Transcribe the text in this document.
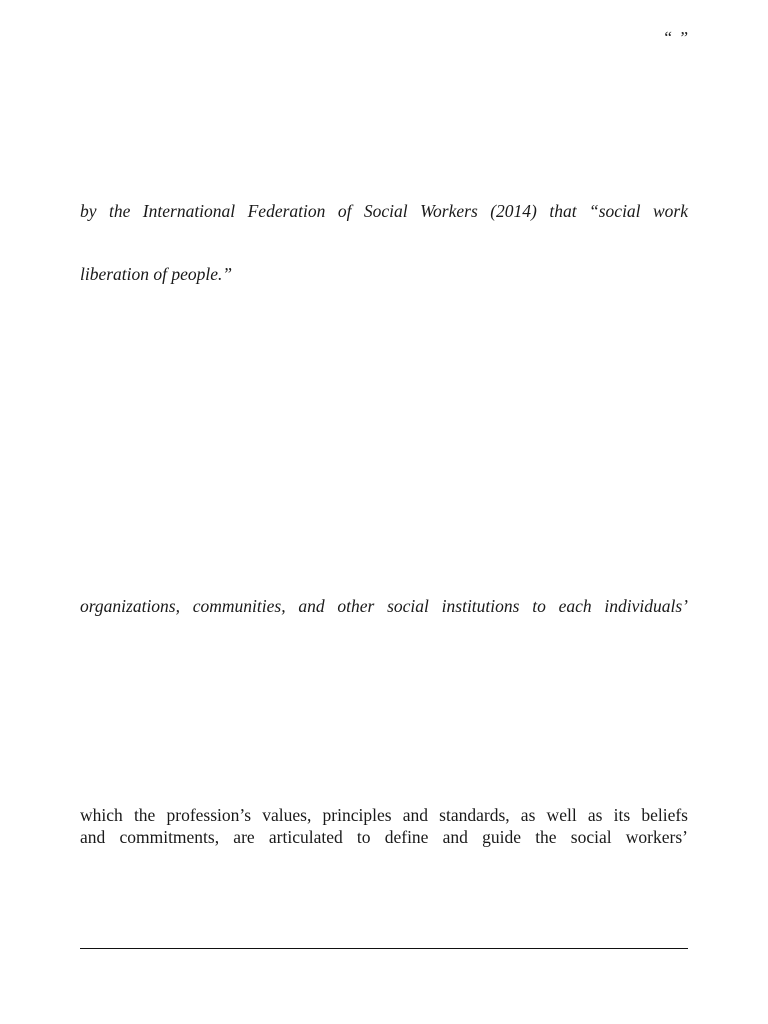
“  ”
by the International Federation of Social Workers (2014) that “social work
liberation of people.”
organizations, communities, and other social institutions to each individuals’
which the profession’s values, principles and standards, as well as its beliefs
and commitments, are articulated to define and guide the social workers’
